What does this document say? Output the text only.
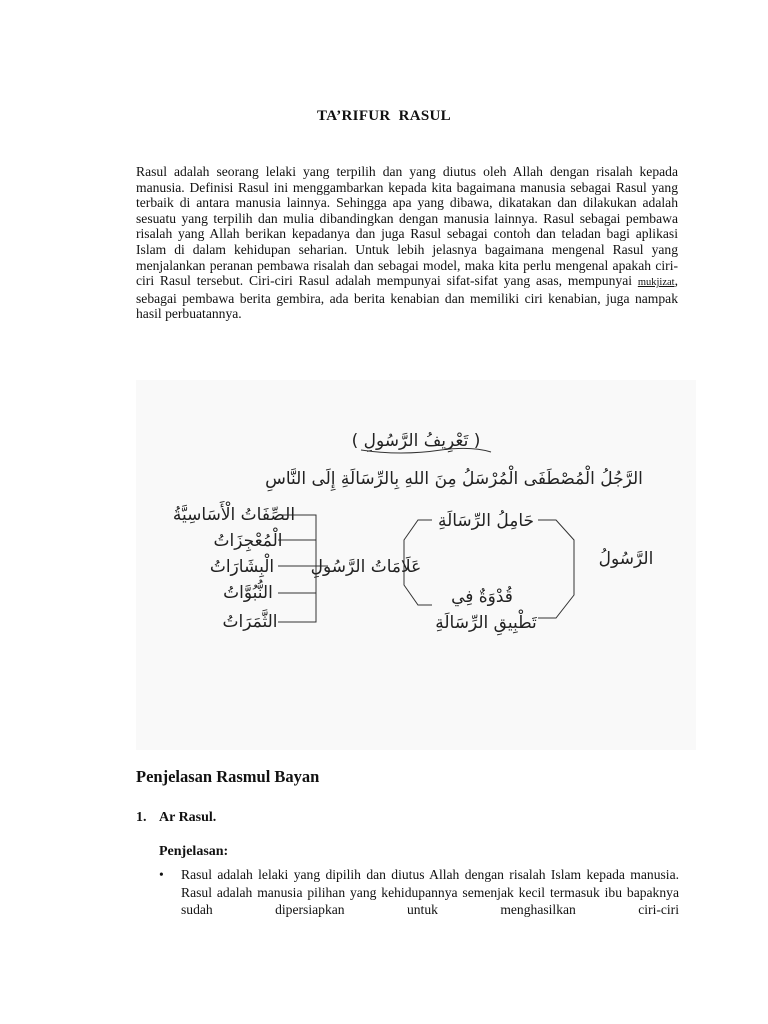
TA’RIFUR RASUL
Rasul adalah seorang lelaki yang terpilih dan yang diutus oleh Allah dengan risalah kepada manusia. Definisi Rasul ini menggambarkan kepada kita bagaimana manusia sebagai Rasul yang terbaik di antara manusia lainnya. Sehingga apa yang dibawa, dikatakan dan dilakukan adalah sesuatu yang terpilih dan mulia dibandingkan dengan manusia lainnya. Rasul sebagai pembawa risalah yang Allah berikan kepadanya dan juga Rasul sebagai contoh dan teladan bagi aplikasi Islam di dalam kehidupan seharian. Untuk lebih jelasnya bagaimana mengenal Rasul yang menjalankan peranan pembawa risalah dan sebagai model, maka kita perlu mengenal apakah ciri-ciri Rasul tersebut. Ciri-ciri Rasul adalah mempunyai sifat-sifat yang asas, mempunyai mukjizat, sebagai pembawa berita gembira, ada berita kenabian dan memiliki ciri kenabian, juga nampak hasil perbuatannya.
( تَعْرِيفُ الرَّسُولِ )
الرَّجُلُ الْمُصْطَفَى الْمُرْسَلُ مِنَ اللهِ بِالرِّسَالَةِ إِلَى النَّاسِ
الرَّسُولُ
حَامِلُ الرِّسَالَةِ
قُدْوَةٌ فِي
تَطْبِيقِ الرِّسَالَةِ
عَلَامَاتُ الرَّسُولِ
الصِّفَاتُ الْأَسَاسِيَّةُ
الْمُعْجِزَاتُ
الْبِشَارَاتُ
النُّبُوَّاتُ
الثَّمَرَاتُ
Penjelasan Rasmul Bayan
1. Ar Rasul.
Penjelasan:
• Rasul adalah lelaki yang dipilih dan diutus Allah dengan risalah Islam kepada manusia. Rasul adalah manusia pilihan yang kehidupannya semenjak kecil termasuk ibu bapaknya sudah dipersiapkan untuk menghasilkan ciri-ciri
